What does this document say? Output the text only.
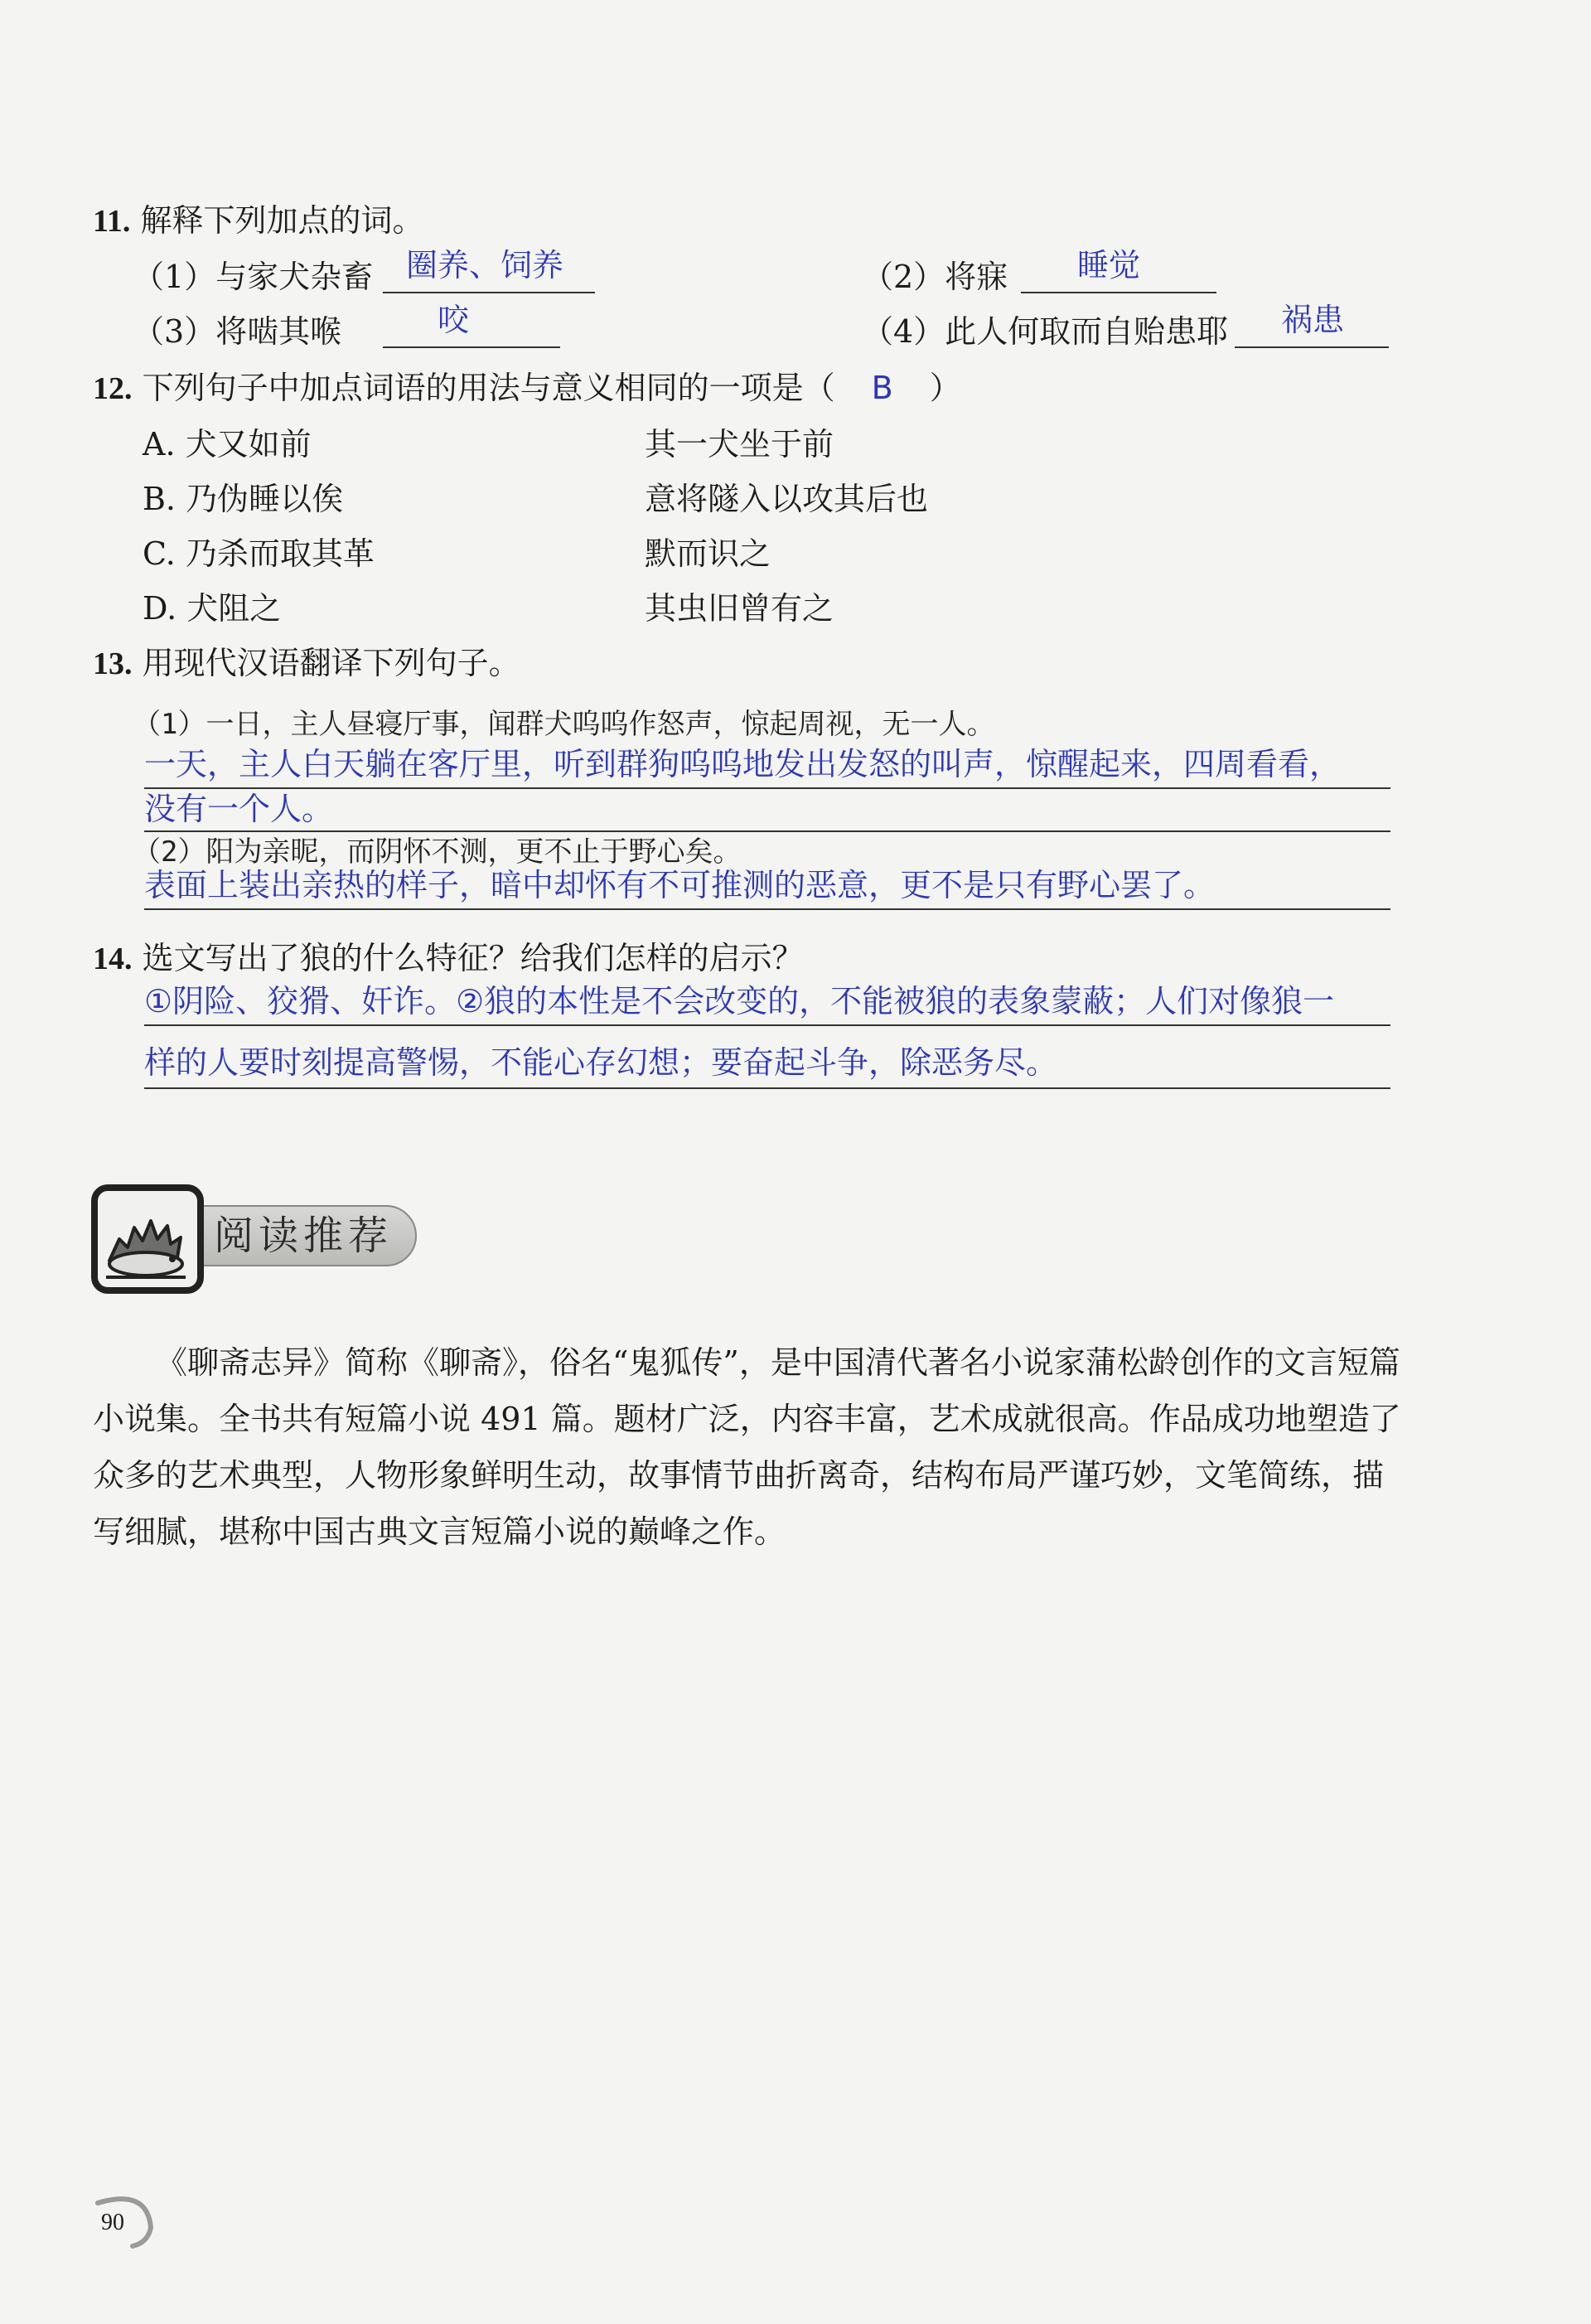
11. 解释下列加点的词。
（1）与家犬杂畜 圈养、饲养	（2）将寐 睡觉
（3）将啮其喉	咬	（4）此人何取而自贻患耶 祸患
12. 下列句子中加点词语的用法与意义相同的一项是（ B ）
A. 犬又如前	其一犬坐于前
B. 乃伪睡以俟	意将隧入以攻其后也
C. 乃杀而取其革	默而识之
D. 犬阻之	其虫旧曾有之
13. 用现代汉语翻译下列句子。
（1）一日，主人昼寝厅事，闻群犬呜呜作怒声，惊起周视，无一人。
一天，主人白天躺在客厅里，听到群狗呜呜地发出发怒的叫声，惊醒起来，四周看看，
没有一个人。
（2）阳为亲昵，而阴怀不测，更不止于野心矣。
表面上装出亲热的样子，暗中却怀有不可推测的恶意，更不是只有野心罢了。
14. 选文写出了狼的什么特征？给我们怎样的启示？
①阴险、狡猾、奸诈。②狼的本性是不会改变的，不能被狼的表象蒙蔽；人们对像狼一
样的人要时刻提高警惕，不能心存幻想；要奋起斗争，除恶务尽。
阅读推荐
《聊斋志异》简称《聊斋》，俗名“鬼狐传”，是中国清代著名小说家蒲松龄创作的文言短篇小说集。全书共有短篇小说 491 篇。题材广泛，内容丰富，艺术成就很高。作品成功地塑造了众多的艺术典型，人物形象鲜明生动，故事情节曲折离奇，结构布局严谨巧妙，文笔简练，描写细腻，堪称中国古典文言短篇小说的巅峰之作。
90
